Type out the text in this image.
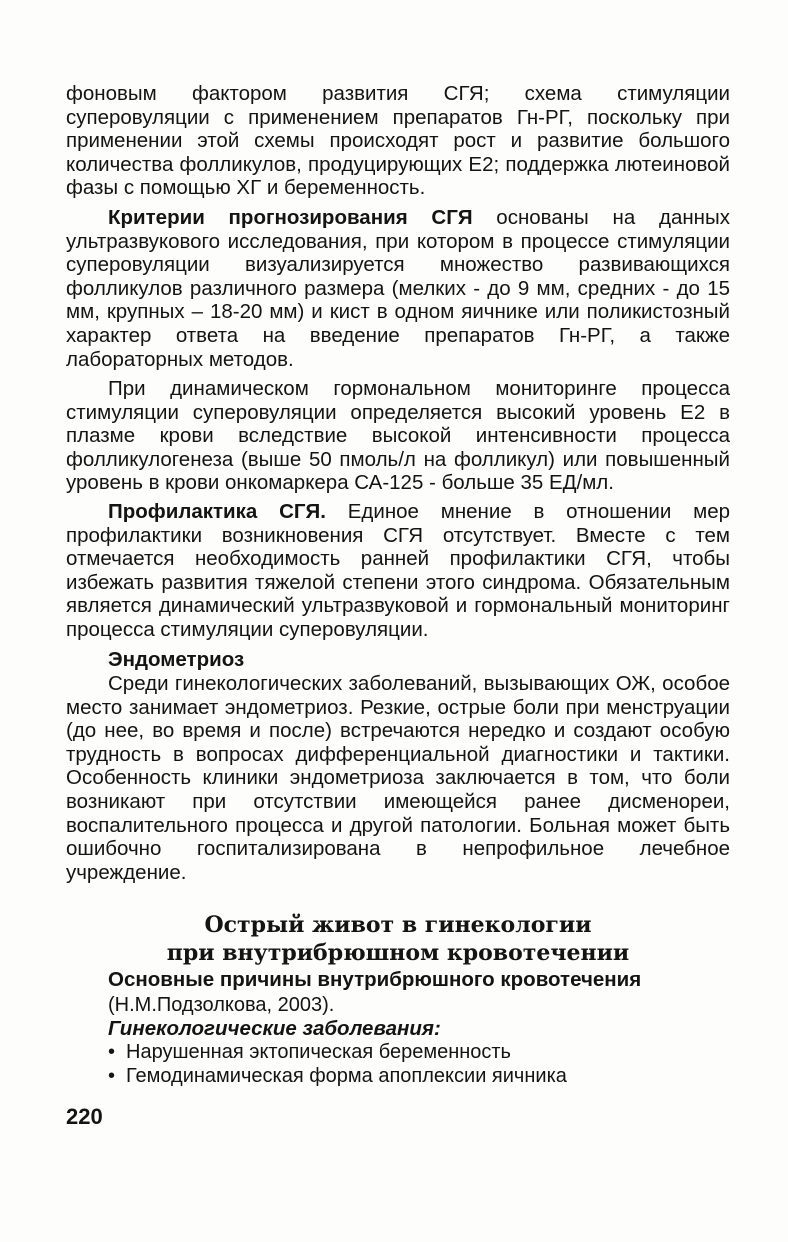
фоновым фактором развития СГЯ; схема стимуляции суперовуляции с применением препаратов Гн-РГ, поскольку при применении этой схемы происходят рост и развитие большого количества фолликулов, продуцирующих Е2; поддержка лютеиновой фазы с помощью ХГ и беременность.

Критерии прогнозирования СГЯ основаны на данных ультразвукового исследования, при котором в процессе стимуляции суперовуляции визуализируется множество развивающихся фолликулов различного размера (мелких - до 9 мм, средних - до 15 мм, крупных – 18-20 мм) и кист в одном яичнике или поликистозный характер ответа на введение препаратов Гн-РГ, а также лабораторных методов.

При динамическом гормональном мониторинге процесса стимуляции суперовуляции определяется высокий уровень Е2 в плазме крови вследствие высокой интенсивности процесса фолликулогенеза (выше 50 пмоль/л на фолликул) или повышенный уровень в крови онкомаркера СА-125 - больше 35 ЕД/мл.

Профилактика СГЯ. Единое мнение в отношении мер профилактики возникновения СГЯ отсутствует. Вместе с тем отмечается необходимость ранней профилактики СГЯ, чтобы избежать развития тяжелой степени этого синдрома. Обязательным является динамический ультразвуковой и гормональный мониторинг процесса стимуляции суперовуляции.

Эндометриоз

Среди гинекологических заболеваний, вызывающих ОЖ, особое место занимает эндометриоз. Резкие, острые боли при менструации (до нее, во время и после) встречаются нередко и создают особую трудность в вопросах дифференциальной диагностики и тактики. Особенность клиники эндометриоза заключается в том, что боли возникают при отсутствии имеющейся ранее дисменореи, воспалительного процесса и другой патологии. Больная может быть ошибочно госпитализирована в непрофильное лечебное учреждение.

Острый живот в гинекологии
при внутрибрюшном кровотечении
Основные причины внутрибрюшного кровотечения
(Н.М.Подзолкова, 2003).
Гинекологические заболевания:
• Нарушенная эктопическая беременность
• Гемодинамическая форма апоплексии яичника
220
